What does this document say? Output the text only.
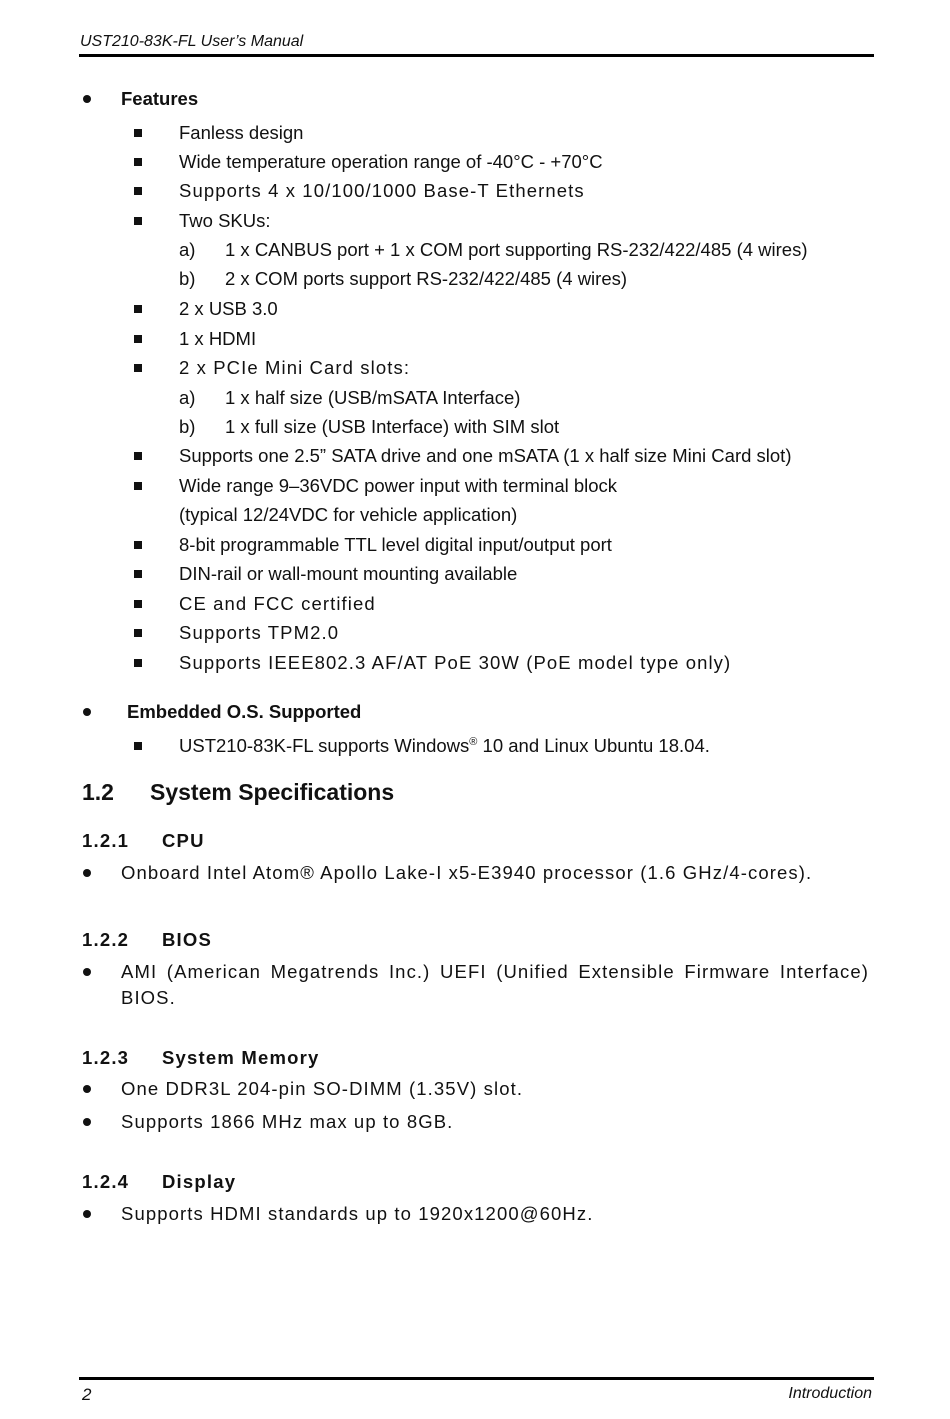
UST210-83K-FL User’s Manual
Features
Fanless design
Wide temperature operation range of -40°C - +70°C
Supports 4 x 10/100/1000 Base-T Ethernets
Two SKUs:
a) 1 x CANBUS port + 1 x COM port supporting RS-232/422/485 (4 wires)
b) 2 x COM ports support RS-232/422/485 (4 wires)
2 x USB 3.0
1 x HDMI
2 x PCIe Mini Card slots:
a) 1 x half size (USB/mSATA Interface)
b) 1 x full size (USB Interface) with SIM slot
Supports one 2.5” SATA drive and one mSATA (1 x half size Mini Card slot)
Wide range 9–36VDC power input with terminal block
(typical 12/24VDC for vehicle application)
8-bit programmable TTL level digital input/output port
DIN-rail or wall-mount mounting available
CE and FCC certified
Supports TPM2.0
Supports IEEE802.3 AF/AT PoE 30W (PoE model type only)
Embedded O.S. Supported
UST210-83K-FL supports Windows® 10 and Linux Ubuntu 18.04.
1.2 System Specifications
1.2.1 CPU
Onboard Intel Atom® Apollo Lake-I x5-E3940 processor (1.6 GHz/4-cores).
1.2.2 BIOS
AMI (American Megatrends Inc.) UEFI (Unified Extensible Firmware Interface) BIOS.
1.2.3 System Memory
One DDR3L 204-pin SO-DIMM (1.35V) slot.
Supports 1866 MHz max up to 8GB.
1.2.4 Display
Supports HDMI standards up to 1920x1200@60Hz.
2	Introduction
